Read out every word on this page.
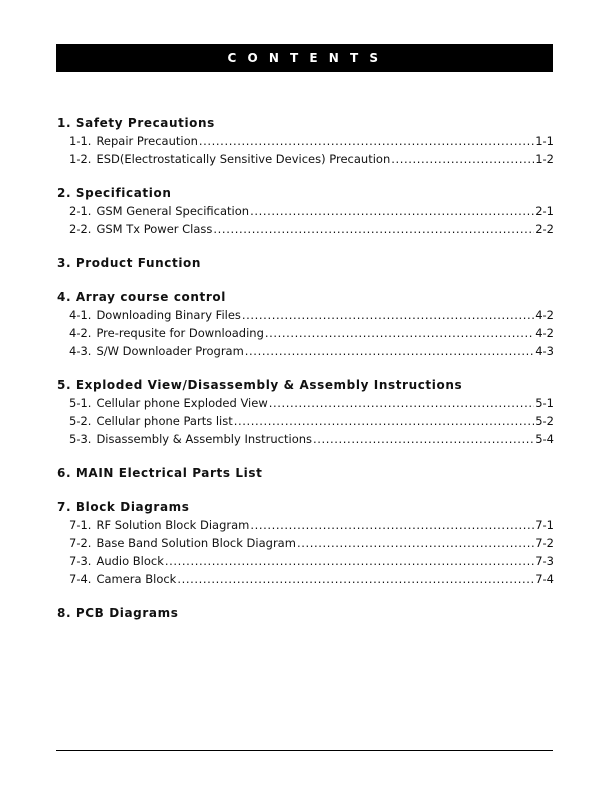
C O N T E N T S
1. Safety Precautions
1-1. Repair Precaution .....	1-1
1-2. ESD(Electrostatically Sensitive Devices) Precaution .....	1-2
2. Specification
2-1. GSM General Specification .....	2-1
2-2. GSM Tx Power Class .....	2-2
3. Product Function
4. Array course control
4-1. Downloading Binary Files .....	4-2
4-2. Pre-requsite for Downloading .....	4-2
4-3. S/W Downloader Program .....	4-3
5. Exploded View/Disassembly & Assembly Instructions
5-1. Cellular phone Exploded View .....	5-1
5-2. Cellular phone Parts list .....	5-2
5-3. Disassembly & Assembly Instructions .....	5-4
6. MAIN Electrical Parts List
7. Block Diagrams
7-1. RF Solution Block Diagram .....	7-1
7-2. Base Band Solution Block Diagram .....	7-2
7-3. Audio Block .....	7-3
7-4. Camera Block .....	7-4
8. PCB Diagrams
